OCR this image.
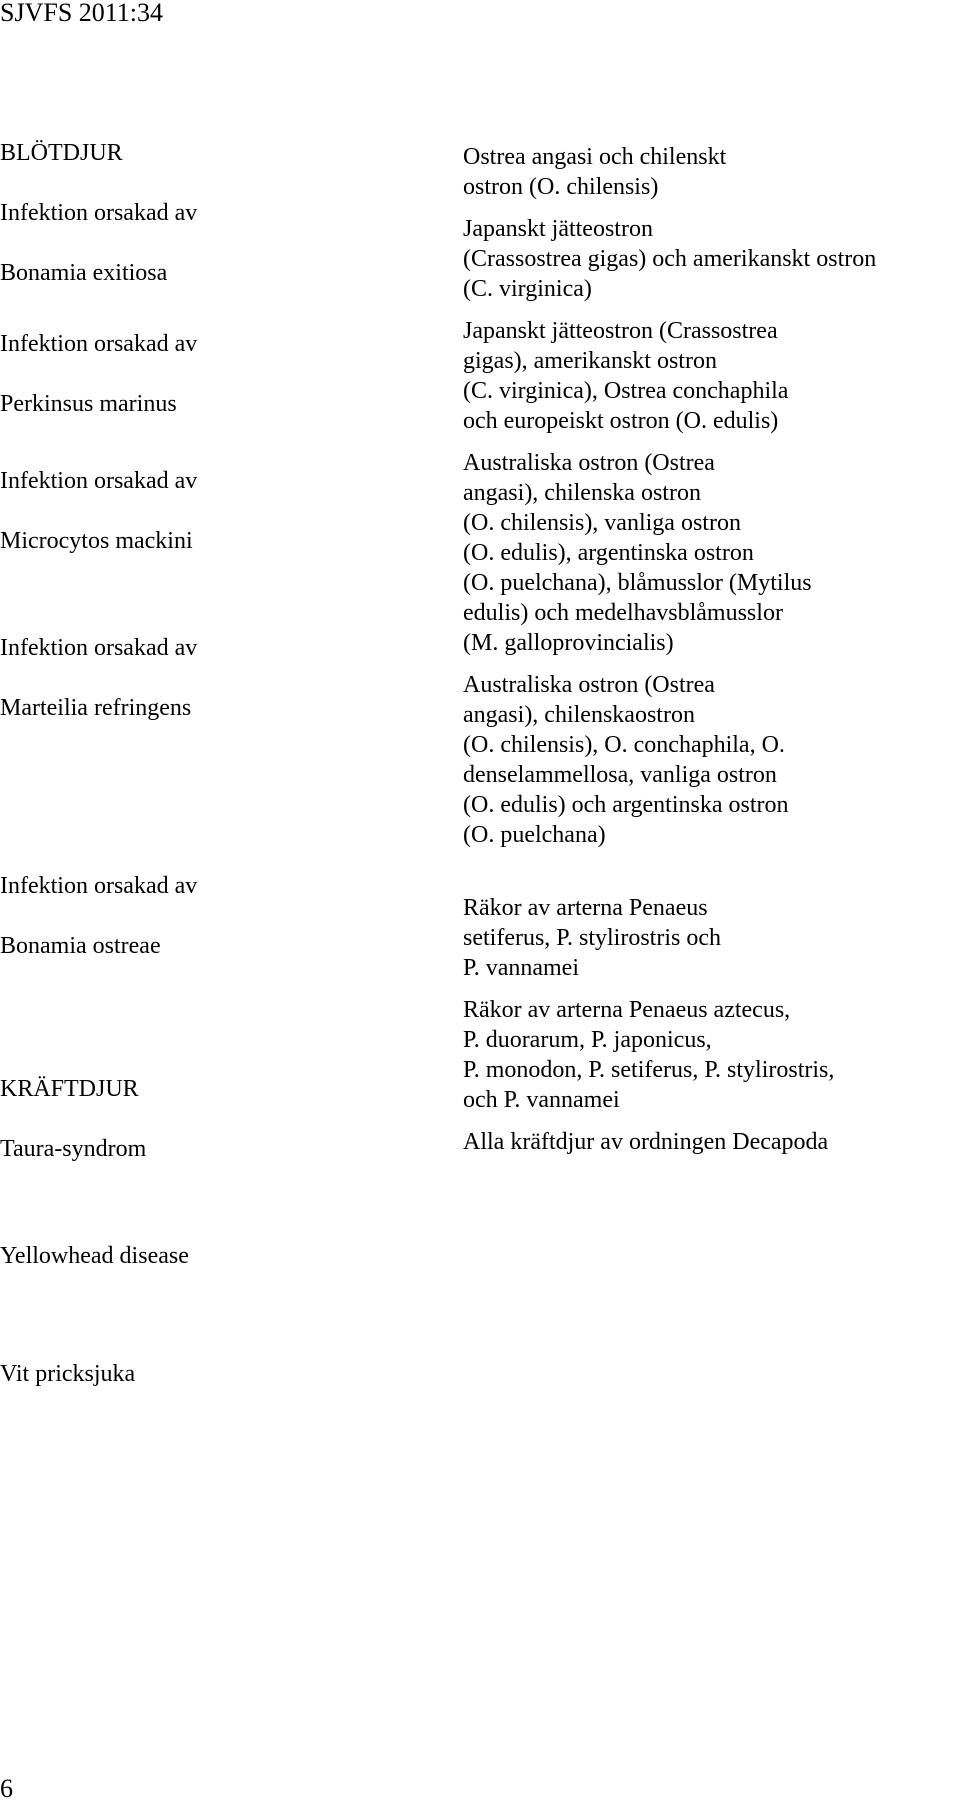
SJVFS 2011:34

BLÖTDJUR

Infektion orsakad av

Bonamia exitiosa

Infektion orsakad av

Perkinsus marinus

Infektion orsakad av

Microcytos mackini

Infektion orsakad av

Marteilia refringens

Infektion orsakad av

Bonamia ostreae

KRÄFTDJUR

Taura-syndrom

Yellowhead disease

Vit pricksjuka

Ostrea angasi och chilenskt
ostron (O. chilensis)
Japanskt jätteostron
(Crassostrea gigas) och amerikanskt ostron
(C. virginica)
Japanskt jätteostron (Crassostrea
gigas), amerikanskt ostron
(C. virginica), Ostrea conchaphila
och europeiskt ostron (O. edulis)
Australiska ostron (Ostrea
angasi), chilenska ostron
(O. chilensis), vanliga ostron
(O. edulis), argentinska ostron
(O. puelchana), blåmusslor (Mytilus
edulis) och medelhavsblåmusslor
(M. galloprovincialis)
Australiska ostron (Ostrea
angasi), chilenskaostron
(O. chilensis), O. conchaphila, O.
denselammellosa, vanliga ostron
(O. edulis) och argentinska ostron
(O. puelchana)
Räkor av arterna Penaeus
setiferus, P. stylirostris och
P. vannamei
Räkor av arterna Penaeus aztecus,
P. duorarum, P. japonicus,
P. monodon, P. setiferus, P. stylirostris,
och P. vannamei
Alla kräftdjur av ordningen Decapoda
6
